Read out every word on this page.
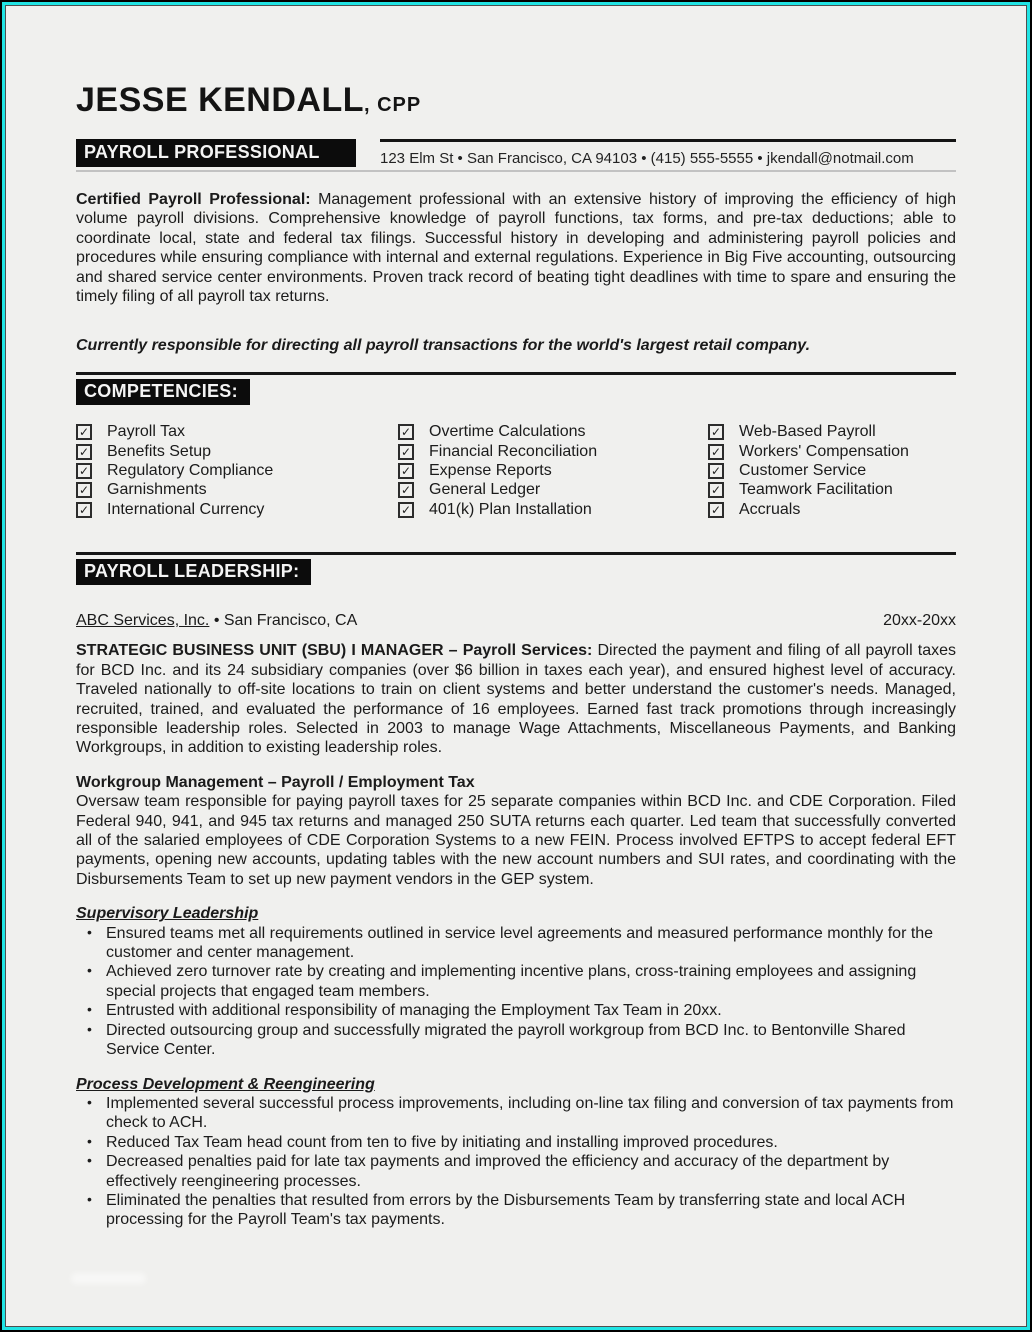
JESSE KENDALL, CPP
PAYROLL PROFESSIONAL	123 Elm St • San Francisco, CA 94103 • (415) 555-5555 • jkendall@notmail.com

Certified Payroll Professional: Management professional with an extensive history of improving the efficiency of high volume payroll divisions. Comprehensive knowledge of payroll functions, tax forms, and pre-tax deductions; able to coordinate local, state and federal tax filings. Successful history in developing and administering payroll policies and procedures while ensuring compliance with internal and external regulations. Experience in Big Five accounting, outsourcing and shared service center environments. Proven track record of beating tight deadlines with time to spare and ensuring the timely filing of all payroll tax returns.

Currently responsible for directing all payroll transactions for the world's largest retail company.
COMPETENCIES:
✓ Payroll Tax
✓ Benefits Setup
✓ Regulatory Compliance
✓ Garnishments
✓ International Currency
✓ Overtime Calculations
✓ Financial Reconciliation
✓ Expense Reports
✓ General Ledger
✓ 401(k) Plan Installation
✓ Web-Based Payroll
✓ Workers' Compensation
✓ Customer Service
✓ Teamwork Facilitation
✓ Accruals
PAYROLL LEADERSHIP:
ABC Services, Inc. • San Francisco, CA	20xx-20xx

STRATEGIC BUSINESS UNIT (SBU) I MANAGER – Payroll Services: Directed the payment and filing of all payroll taxes for BCD Inc. and its 24 subsidiary companies (over $6 billion in taxes each year), and ensured highest level of accuracy. Traveled nationally to off-site locations to train on client systems and better understand the customer's needs. Managed, recruited, trained, and evaluated the performance of 16 employees. Earned fast track promotions through increasingly responsible leadership roles. Selected in 2003 to manage Wage Attachments, Miscellaneous Payments, and Banking Workgroups, in addition to existing leadership roles.

Workgroup Management – Payroll / Employment Tax

Oversaw team responsible for paying payroll taxes for 25 separate companies within BCD Inc. and CDE Corporation. Filed Federal 940, 941, and 945 tax returns and managed 250 SUTA returns each quarter. Led team that successfully converted all of the salaried employees of CDE Corporation Systems to a new FEIN. Process involved EFTPS to accept federal EFT payments, opening new accounts, updating tables with the new account numbers and SUI rates, and coordinating with the Disbursements Team to set up new payment vendors in the GEP system.

Supervisory Leadership
• Ensured teams met all requirements outlined in service level agreements and measured performance monthly for the customer and center management.
• Achieved zero turnover rate by creating and implementing incentive plans, cross-training employees and assigning special projects that engaged team members.
• Entrusted with additional responsibility of managing the Employment Tax Team in 20xx.
• Directed outsourcing group and successfully migrated the payroll workgroup from BCD Inc. to Bentonville Shared Service Center.
Process Development & Reengineering
• Implemented several successful process improvements, including on-line tax filing and conversion of tax payments from check to ACH.
• Reduced Tax Team head count from ten to five by initiating and installing improved procedures.
• Decreased penalties paid for late tax payments and improved the efficiency and accuracy of the department by effectively reengineering processes.
• Eliminated the penalties that resulted from errors by the Disbursements Team by transferring state and local ACH processing for the Payroll Team's tax payments.
